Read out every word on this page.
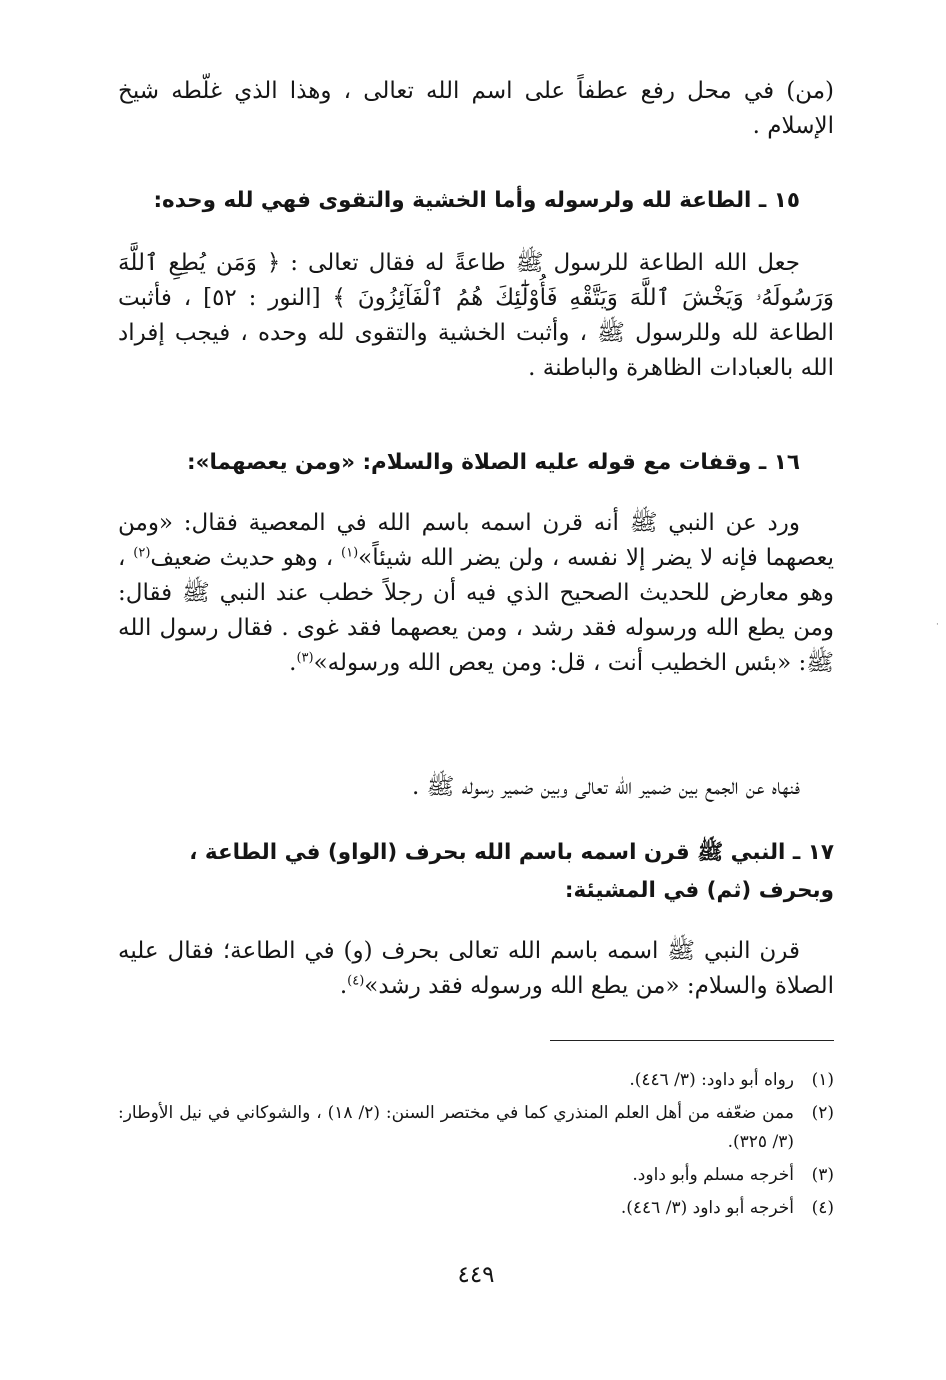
(من) في محل رفع عطفاً على اسم الله تعالى ، وهذا الذي غلّطه شيخ الإسلام .

١٥ ـ الطاعة لله ولرسوله وأما الخشية والتقوى فهي لله وحده:

جعل الله الطاعة للرسول ﷺ طاعةً له فقال تعالى : ﴿ وَمَن يُطِعِ ٱللَّهَ وَرَسُولَهُۥ وَيَخْشَ ٱللَّهَ وَيَتَّقْهِ فَأُوْلَٰٓئِكَ هُمُ ٱلْفَآئِزُونَ ﴾ [النور : ٥٢] ، فأثبت الطاعة لله وللرسول ﷺ ، وأثبت الخشية والتقوى لله وحده ، فيجب إفراد الله بالعبادات الظاهرة والباطنة .

١٦ ـ وقفات مع قوله عليه الصلاة والسلام: «ومن يعصهما»:

ورد عن النبي ﷺ أنه قرن اسمه باسم الله في المعصية فقال: «ومن يعصهما فإنه لا يضر إلا نفسه ، ولن يضر الله شيئاً»$^{(١)}$ ، وهو حديث ضعيف$^{(٢)}$ ، وهو معارض للحديث الصحيح الذي فيه أن رجلاً خطب عند النبي ﷺ فقال: ومن يطع الله ورسوله فقد رشد ، ومن يعصهما فقد غوى . فقال رسول الله ﷺ: «بئس الخطيب أنت ، قل: ومن يعص الله ورسوله»$^{(٣)}$.

فنهاه عن الجمع بين ضمير الله تعالى وبين ضمير رسوله ﷺ .

١٧ ـ النبي ﷺ قرن اسمه باسم الله بحرف (الواو) في الطاعة ، وبحرف (ثم) في المشيئة:

قرن النبي ﷺ اسمه باسم الله تعالى بحرف (و) في الطاعة؛ فقال عليه الصلاة والسلام: «من يطع الله ورسوله فقد رشد»$^{(٤)}$.

(١)
رواه أبو داود: (٣/ ٤٤٦).
(٢)
ممن ضعّفه من أهل العلم المنذري كما في مختصر السنن: (٢/ ١٨) ، والشوكاني في نيل الأوطار: (٣/ ٣٢٥).
(٣)
أخرجه مسلم وأبو داود.
(٤)
أخرجه أبو داود (٣/ ٤٤٦).
٤٤٩
·
